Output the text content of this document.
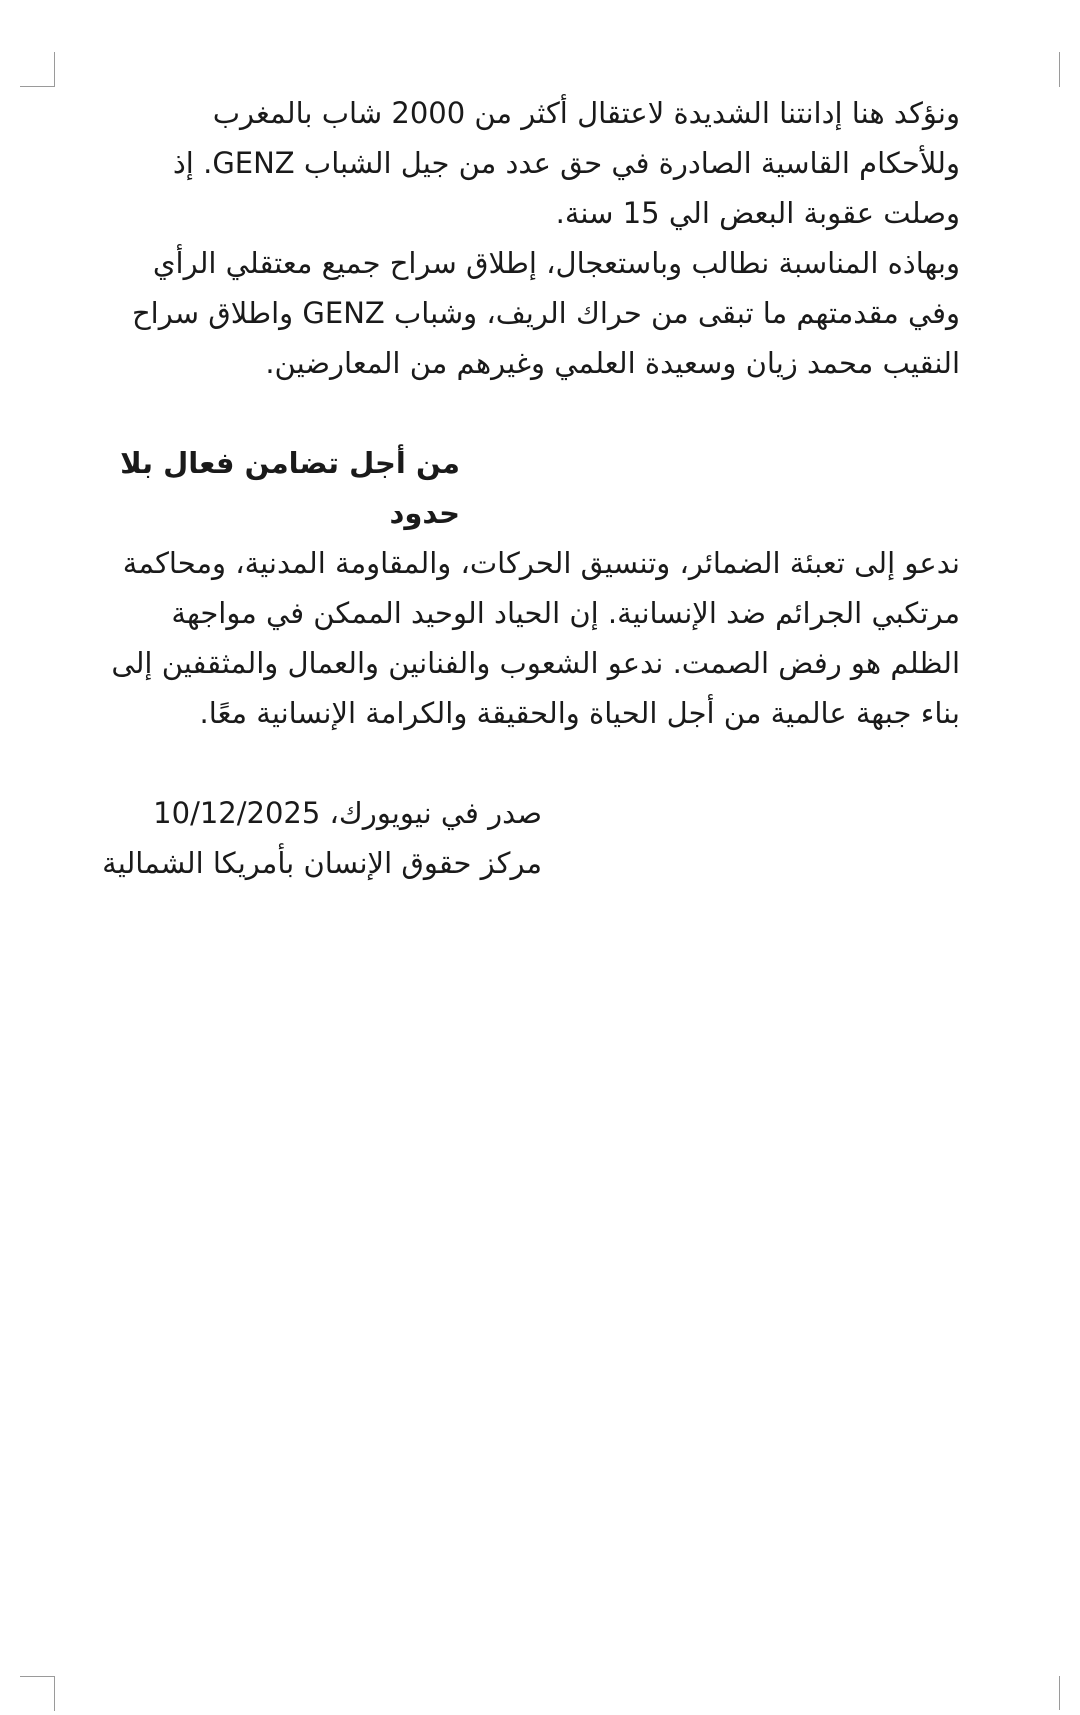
ونؤكد هنا إدانتنا الشديدة لاعتقال أكثر من 2000 شاب بالمغرب
وللأحكام القاسية الصادرة في حق عدد من جيل الشباب GENZ. إذ
وصلت عقوبة البعض الي 15 سنة.

وبهاذه المناسبة نطالب وباستعجال، إطلاق سراح جميع معتقلي الرأي
وفي مقدمتهم ما تبقى من حراك الريف، وشباب GENZ واطلاق سراح
النقيب محمد زيان وسعيدة العلمي وغيرهم من المعارضين.

من أجل تضامن فعال بلا حدود

ندعو إلى تعبئة الضمائر، وتنسيق الحركات، والمقاومة المدنية، ومحاكمة
مرتكبي الجرائم ضد الإنسانية. إن الحياد الوحيد الممكن في مواجهة
الظلم هو رفض الصمت. ندعو الشعوب والفنانين والعمال والمثقفين إلى
بناء جبهة عالمية من أجل الحياة والحقيقة والكرامة الإنسانية معًا.

صدر في نيويورك، 10/12/2025
مركز حقوق الإنسان بأمريكا الشمالية
